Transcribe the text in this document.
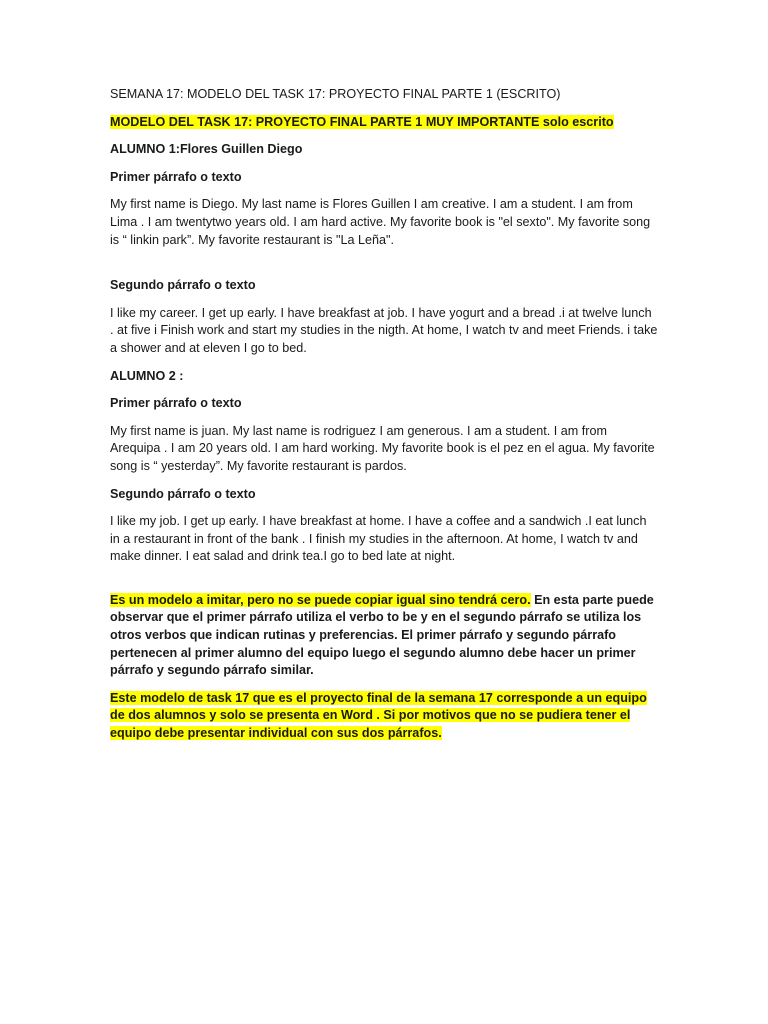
SEMANA 17: MODELO DEL TASK 17: PROYECTO FINAL PARTE 1 (ESCRITO)
MODELO DEL TASK 17: PROYECTO FINAL PARTE 1 MUY IMPORTANTE solo escrito
ALUMNO 1:Flores Guillen Diego
Primer párrafo o texto
My first name is Diego. My last name is Flores Guillen I am creative. I am a student. I am from Lima . I am twentytwo years old. I am hard active. My favorite book is "el sexto". My favorite song is “ linkin park”. My favorite restaurant is "La Leña".
Segundo párrafo o texto
I like my career. I get up early. I have breakfast at job. I have yogurt and a bread .i at twelve lunch . at five i Finish work and start my studies in the nigth. At home, I watch tv and meet Friends. i take a shower and at eleven I go to bed.
ALUMNO 2 :
Primer párrafo o texto
My first name is juan. My last name is rodriguez I am generous. I am a student. I am from Arequipa . I am 20 years old. I am hard working. My favorite book is el pez en el agua. My favorite song is “ yesterday”. My favorite restaurant is pardos.
Segundo párrafo o texto
I like my job. I get up early. I have breakfast at home. I have a coffee and a sandwich .I eat lunch in a restaurant in front of the bank . I finish my studies in the afternoon. At home, I watch tv and make dinner. I eat salad and drink tea.I go to bed late at night.
Es un modelo a imitar, pero no se puede copiar igual sino tendrá cero. En esta parte puede observar que el primer párrafo utiliza el verbo to be y en el segundo párrafo se utiliza los otros verbos que indican rutinas y preferencias. El primer párrafo y segundo párrafo pertenecen al primer alumno del equipo luego el segundo alumno debe hacer un primer párrafo y segundo párrafo similar.
Este modelo de task 17 que es el proyecto final de la semana 17 corresponde a un equipo de dos alumnos y solo se presenta en Word . Si por motivos que no se pudiera tener el equipo debe presentar individual con sus dos párrafos.
